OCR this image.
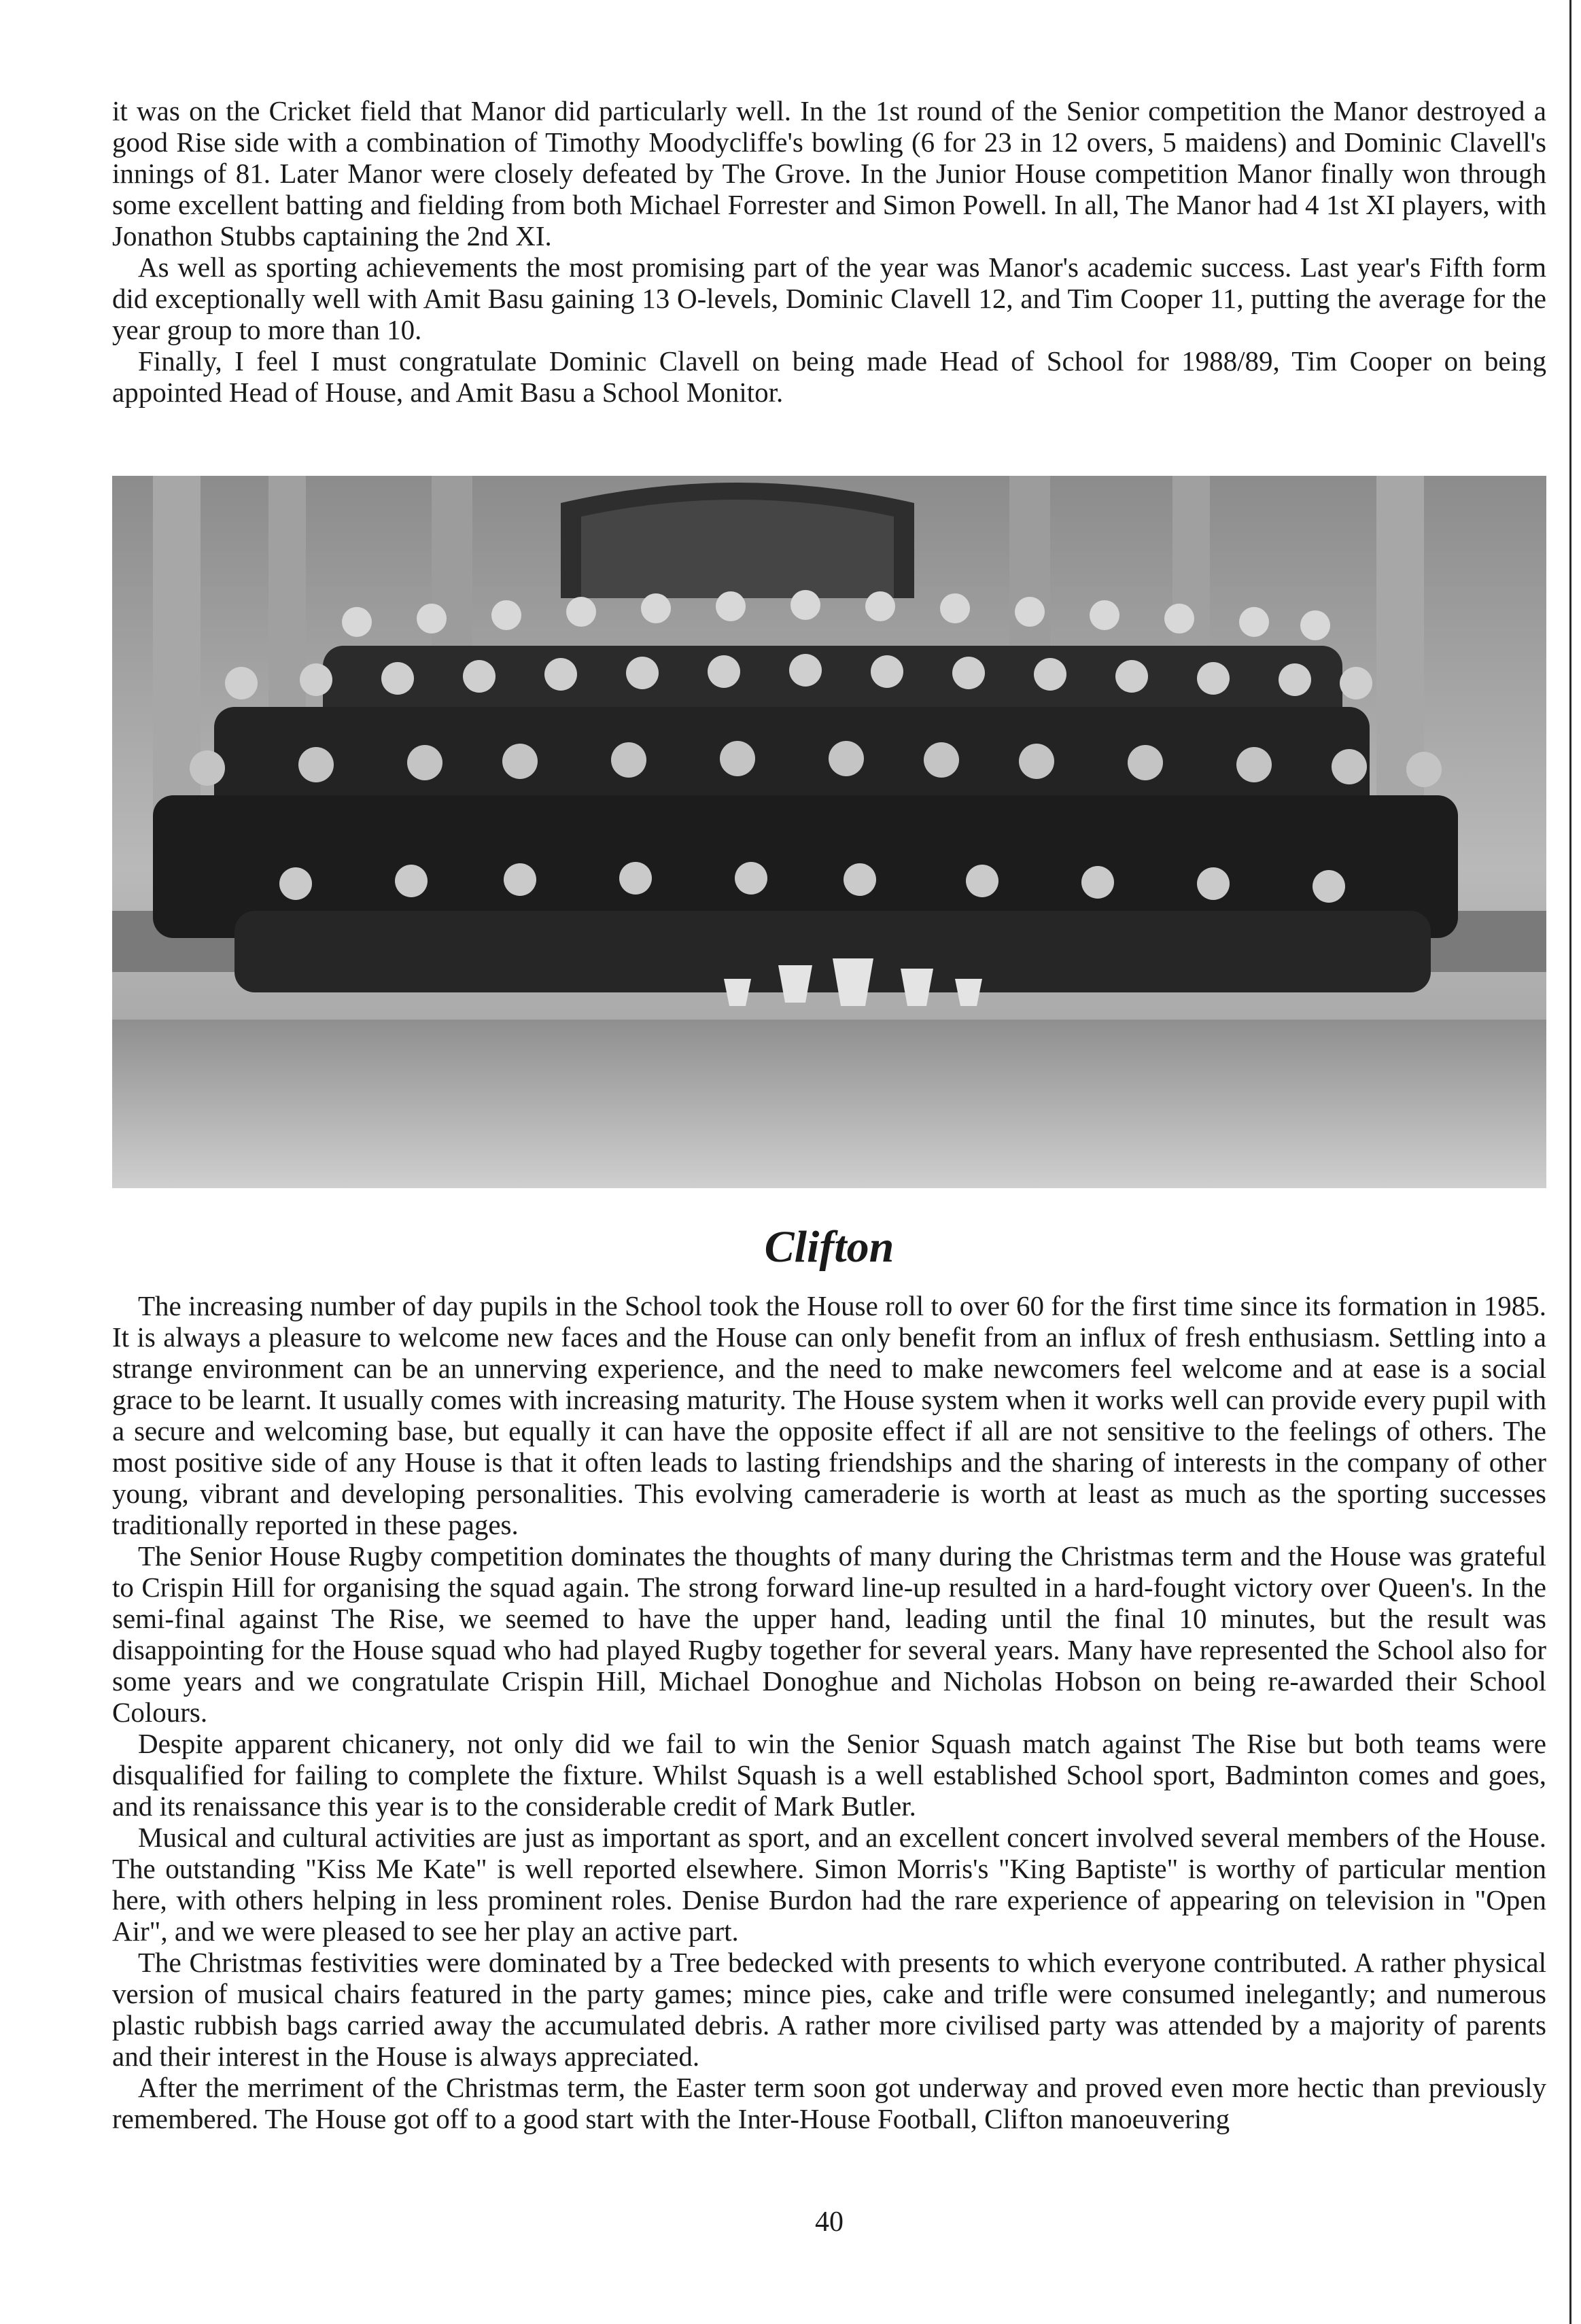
it was on the Cricket field that Manor did particularly well. In the 1st round of the Senior competition the Manor destroyed a good Rise side with a combination of Timothy Moodycliffe's bowling (6 for 23 in 12 overs, 5 maidens) and Dominic Clavell's innings of 81. Later Manor were closely defeated by The Grove. In the Junior House competition Manor finally won through some excellent batting and fielding from both Michael Forrester and Simon Powell. In all, The Manor had 4 1st XI players, with Jonathon Stubbs captaining the 2nd XI.

As well as sporting achievements the most promising part of the year was Manor's academic success. Last year's Fifth form did exceptionally well with Amit Basu gaining 13 O-levels, Dominic Clavell 12, and Tim Cooper 11, putting the average for the year group to more than 10.

Finally, I feel I must congratulate Dominic Clavell on being made Head of School for 1988/89, Tim Cooper on being appointed Head of House, and Amit Basu a School Monitor.

Clifton

The increasing number of day pupils in the School took the House roll to over 60 for the first time since its formation in 1985. It is always a pleasure to welcome new faces and the House can only benefit from an influx of fresh enthusiasm. Settling into a strange environment can be an unnerving experience, and the need to make newcomers feel welcome and at ease is a social grace to be learnt. It usually comes with increasing maturity. The House system when it works well can provide every pupil with a secure and welcoming base, but equally it can have the opposite effect if all are not sensitive to the feelings of others. The most positive side of any House is that it often leads to lasting friendships and the sharing of interests in the company of other young, vibrant and developing personalities. This evolving cameraderie is worth at least as much as the sporting successes traditionally reported in these pages.

The Senior House Rugby competition dominates the thoughts of many during the Christmas term and the House was grateful to Crispin Hill for organising the squad again. The strong forward line-up resulted in a hard-fought victory over Queen's. In the semi-final against The Rise, we seemed to have the upper hand, leading until the final 10 minutes, but the result was disappointing for the House squad who had played Rugby together for several years. Many have represented the School also for some years and we congratulate Crispin Hill, Michael Donoghue and Nicholas Hobson on being re-awarded their School Colours.

Despite apparent chicanery, not only did we fail to win the Senior Squash match against The Rise but both teams were disqualified for failing to complete the fixture. Whilst Squash is a well established School sport, Badminton comes and goes, and its renaissance this year is to the considerable credit of Mark Butler.

Musical and cultural activities are just as important as sport, and an excellent concert involved several members of the House. The outstanding "Kiss Me Kate" is well reported elsewhere. Simon Morris's "King Baptiste" is worthy of particular mention here, with others helping in less prominent roles. Denise Burdon had the rare experience of appearing on television in "Open Air", and we were pleased to see her play an active part.

The Christmas festivities were dominated by a Tree bedecked with presents to which everyone contributed. A rather physical version of musical chairs featured in the party games; mince pies, cake and trifle were consumed inelegantly; and numerous plastic rubbish bags carried away the accumulated debris. A rather more civilised party was attended by a majority of parents and their interest in the House is always appreciated.

After the merriment of the Christmas term, the Easter term soon got underway and proved even more hectic than previously remembered. The House got off to a good start with the Inter-House Football, Clifton manoeuvering

40
